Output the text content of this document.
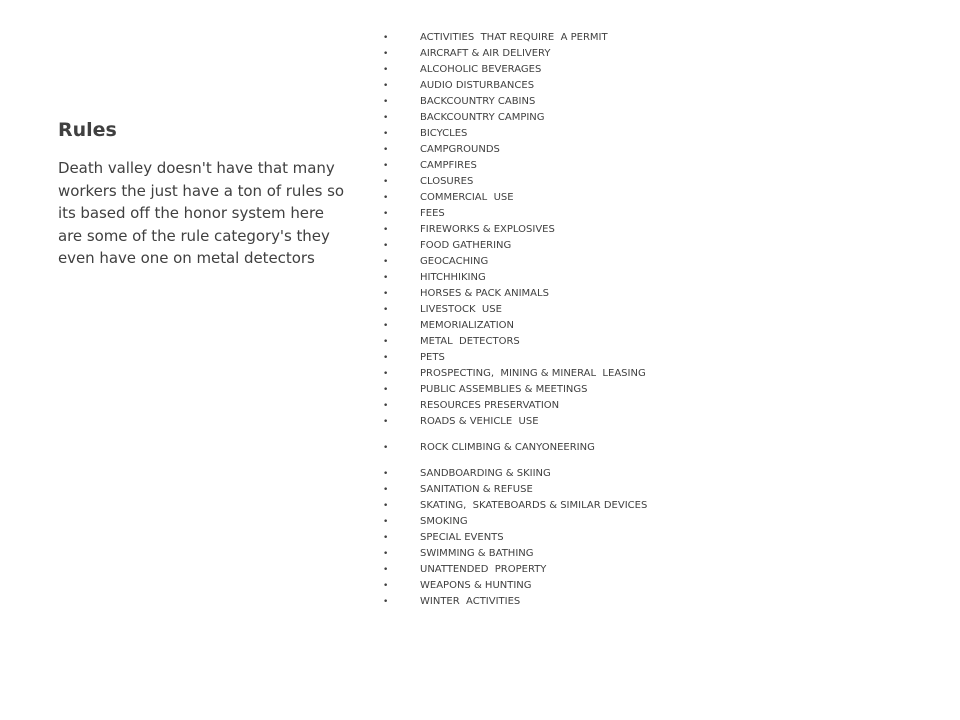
Rules

Death valley doesn't have that many workers the just have a ton of rules so its based off the honor system here are some of the rule category's they even have one on metal detectors

•	ACTIVITIES  THAT REQUIRE  A PERMIT
•	AIRCRAFT & AIR DELIVERY
•	ALCOHOLIC BEVERAGES
•	AUDIO DISTURBANCES
•	BACKCOUNTRY CABINS
•	BACKCOUNTRY CAMPING
•	BICYCLES
•	CAMPGROUNDS
•	CAMPFIRES
•	CLOSURES
•	COMMERCIAL  USE
•	FEES
•	FIREWORKS & EXPLOSIVES
•	FOOD GATHERING
•	GEOCACHING
•	HITCHHIKING
•	HORSES & PACK ANIMALS
•	LIVESTOCK  USE
•	MEMORIALIZATION
•	METAL  DETECTORS
•	PETS
•	PROSPECTING,  MINING & MINERAL  LEASING
•	PUBLIC ASSEMBLIES & MEETINGS
•	RESOURCES PRESERVATION
•	ROADS & VEHICLE  USE
•	ROCK CLIMBING & CANYONEERING
•	SANDBOARDING & SKIING
•	SANITATION & REFUSE
•	SKATING,  SKATEBOARDS & SIMILAR DEVICES
•	SMOKING
•	SPECIAL EVENTS
•	SWIMMING & BATHING
•	UNATTENDED  PROPERTY
•	WEAPONS & HUNTING
•	WINTER  ACTIVITIES
